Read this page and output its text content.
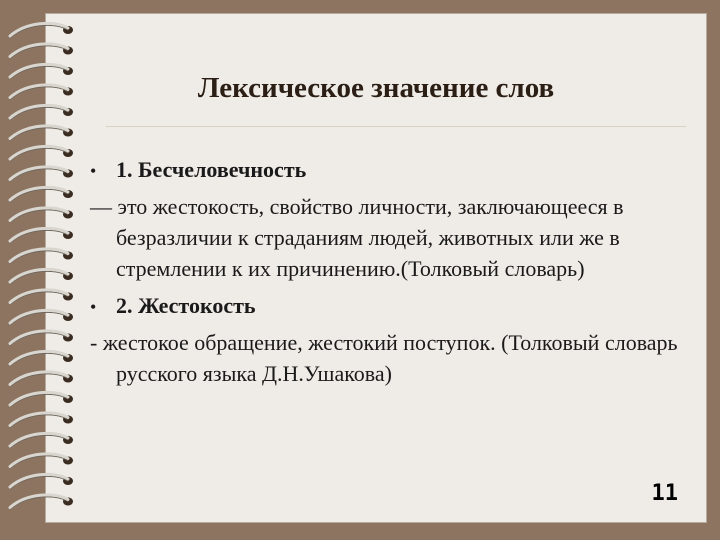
Лексическое значение слов
• 1. Бесчеловечность
— это жестокость, свойство личности, заключающееся в безразличии к страданиям людей, животных или же в стремлении к их причинению.(Толковый словарь)
• 2. Жестокость
- жестокое обращение, жестокий поступок. (Толковый словарь русского языка Д.Н.Ушакова)
11
